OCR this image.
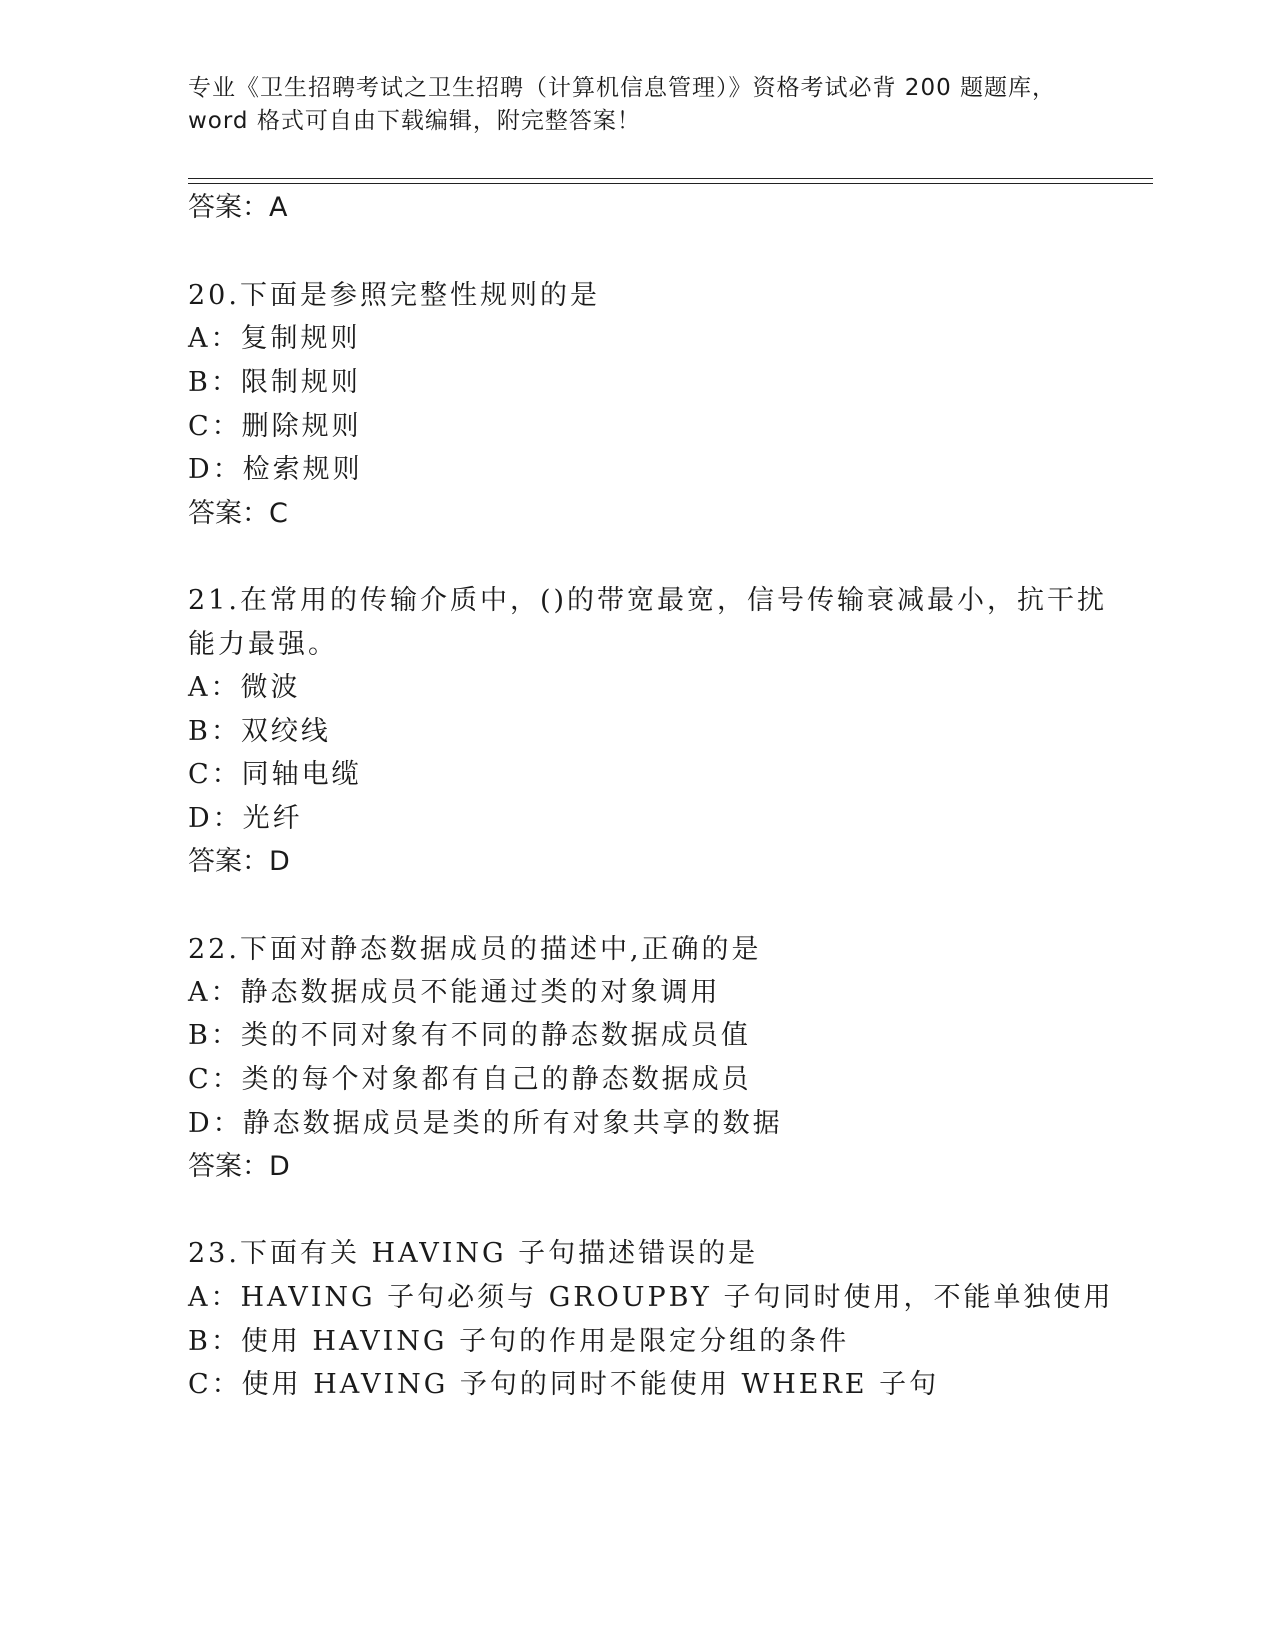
专业《卫生招聘考试之卫生招聘（计算机信息管理）》资格考试必背 200 题题库，
word 格式可自由下载编辑，附完整答案！
答案：A
20.下面是参照完整性规则的是
A：复制规则
B：限制规则
C：删除规则
D：检索规则
答案：C
21.在常用的传输介质中，()的带宽最宽，信号传输衰减最小，抗干扰
能力最强。
A：微波
B：双绞线
C：同轴电缆
D：光纤
答案：D
22.下面对静态数据成员的描述中,正确的是
A：静态数据成员不能通过类的对象调用
B：类的不同对象有不同的静态数据成员值
C：类的每个对象都有自己的静态数据成员
D：静态数据成员是类的所有对象共享的数据
答案：D
23.下面有关 HAVING 子句描述错误的是
A：HAVING 子句必须与 GROUPBY 子句同时使用，不能单独使用
B：使用 HAVING 子句的作用是限定分组的条件
C：使用 HAVING 予句的同时不能使用 WHERE 子句
